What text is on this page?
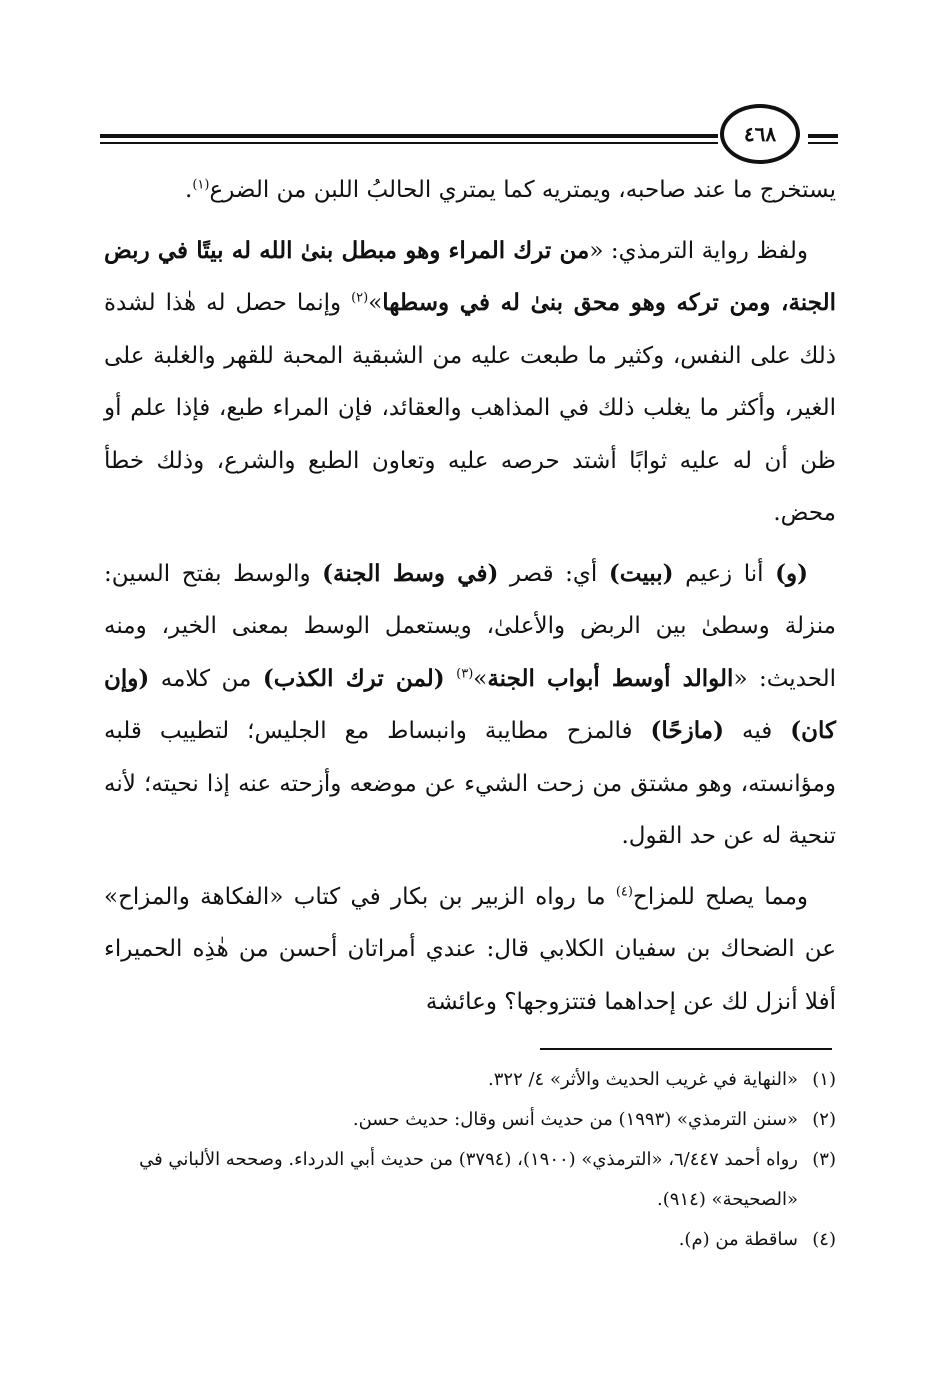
٤٦٨

يستخرج ما عند صاحبه، ويمتريه كما يمتري الحالبُ اللبن من الضرع$^{(١)}$.

ولفظ رواية الترمذي: «من ترك المراء وهو مبطل بنىٰ الله له بيتًا في ربض الجنة، ومن تركه وهو محق بنىٰ له في وسطها»$^{(٢)}$ وإنما حصل له هٰذا لشدة ذلك على النفس، وكثير ما طبعت عليه من الشبقية المحبة للقهر والغلبة على الغير، وأكثر ما يغلب ذلك في المذاهب والعقائد، فإن المراء طبع، فإذا علم أو ظن أن له عليه ثوابًا أشتد حرصه عليه وتعاون الطبع والشرع، وذلك خطأ محض.

(و) أنا زعيم (ببيت) أي: قصر (في وسط الجنة) والوسط بفتح السين: منزلة وسطىٰ بين الربض والأعلىٰ، ويستعمل الوسط بمعنى الخير، ومنه الحديث: «الوالد أوسط أبواب الجنة»$^{(٣)}$ (لمن ترك الكذب) من كلامه (وإن كان) فيه (مازحًا) فالمزح مطايبة وانبساط مع الجليس؛ لتطييب قلبه ومؤانسته، وهو مشتق من زحت الشيء عن موضعه وأزحته عنه إذا نحيته؛ لأنه تنحية له عن حد القول.

ومما يصلح للمزاح$^{(٤)}$ ما رواه الزبير بن بكار في كتاب «الفكاهة والمزاح» عن الضحاك بن سفيان الكلابي قال: عندي أمراتان أحسن من هٰذِه الحميراء أفلا أنزل لك عن إحداهما فتتزوجها؟ وعائشة

(١)
«النهاية في غريب الحديث والأثر» ٤/ ٣٢٢.
(٢)
«سنن الترمذي» (١٩٩٣) من حديث أنس وقال: حديث حسن.
(٣)
رواه أحمد ٦/٤٤٧، «الترمذي» (١٩٠٠)، (٣٧٩٤) من حديث أبي الدرداء. وصححه الألباني في «الصحيحة» (٩١٤).
(٤)
ساقطة من (م).
